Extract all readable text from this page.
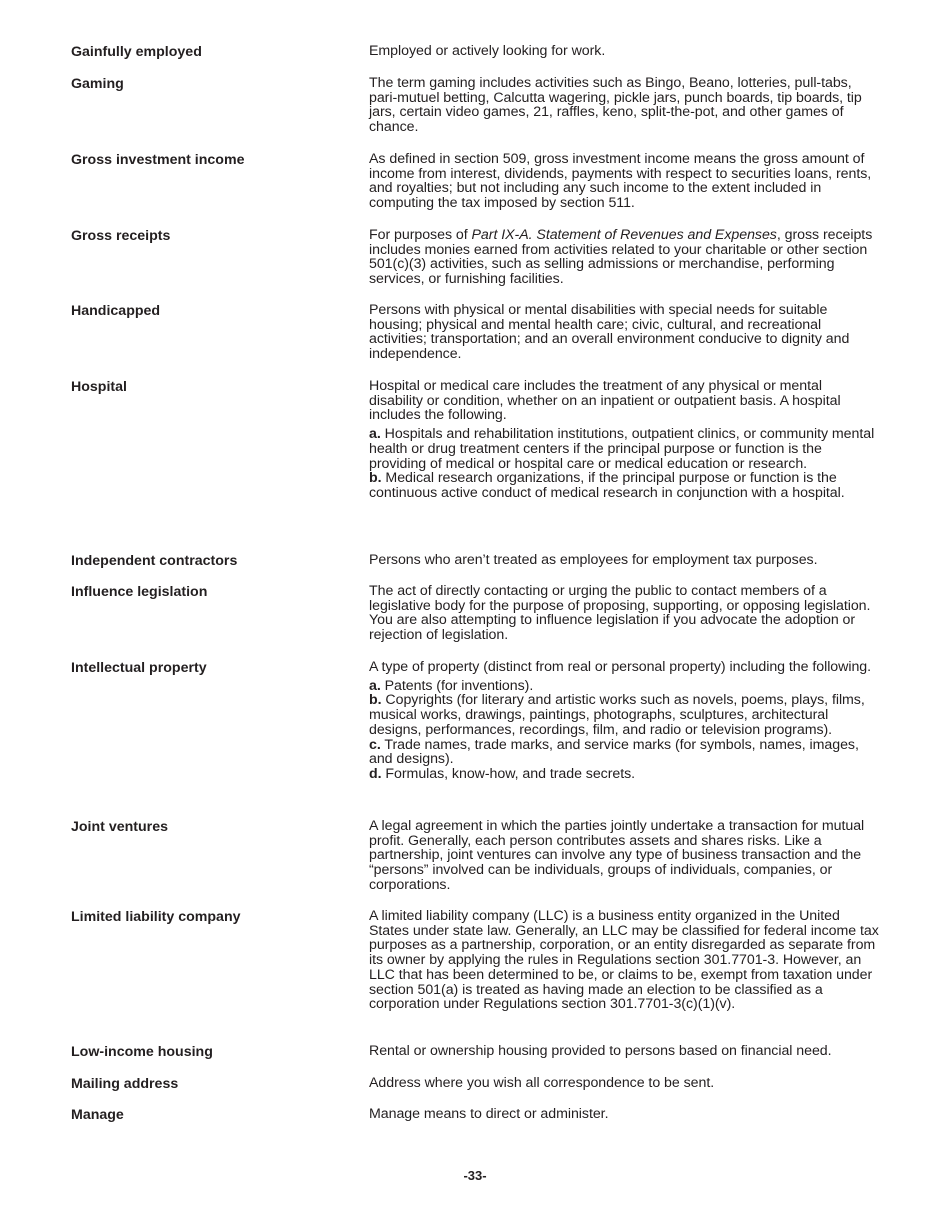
Gainfully employed	Employed or actively looking for work.
Gaming	The term gaming includes activities such as Bingo, Beano, lotteries, pull-tabs, pari-mutuel betting, Calcutta wagering, pickle jars, punch boards, tip boards, tip jars, certain video games, 21, raffles, keno, split-the-pot, and other games of chance.
Gross investment income	As defined in section 509, gross investment income means the gross amount of income from interest, dividends, payments with respect to securities loans, rents, and royalties; but not including any such income to the extent included in computing the tax imposed by section 511.
Gross receipts	For purposes of Part IX-A. Statement of Revenues and Expenses, gross receipts includes monies earned from activities related to your charitable or other section 501(c)(3) activities, such as selling admissions or merchandise, performing services, or furnishing facilities.
Handicapped	Persons with physical or mental disabilities with special needs for suitable housing; physical and mental health care; civic, cultural, and recreational activities; transportation; and an overall environment conducive to dignity and independence.
Hospital	Hospital or medical care includes the treatment of any physical or mental disability or condition, whether on an inpatient or outpatient basis. A hospital includes the following.

a. Hospitals and rehabilitation institutions, outpatient clinics, or community mental health or drug treatment centers if the principal purpose or function is the providing of medical or hospital care or medical education or research.

b. Medical research organizations, if the principal purpose or function is the continuous active conduct of medical research in conjunction with a hospital.

Independent contractors	Persons who aren’t treated as employees for employment tax purposes.
Influence legislation	The act of directly contacting or urging the public to contact members of a legislative body for the purpose of proposing, supporting, or opposing legislation. You are also attempting to influence legislation if you advocate the adoption or rejection of legislation.
Intellectual property	A type of property (distinct from real or personal property) including the following.

a. Patents (for inventions).

b. Copyrights (for literary and artistic works such as novels, poems, plays, films, musical works, drawings, paintings, photographs, sculptures, architectural designs, performances, recordings, film, and radio or television programs).

c. Trade names, trade marks, and service marks (for symbols, names, images, and designs).

d. Formulas, know-how, and trade secrets.

Joint ventures	A legal agreement in which the parties jointly undertake a transaction for mutual profit. Generally, each person contributes assets and shares risks. Like a partnership, joint ventures can involve any type of business transaction and the “persons” involved can be individuals, groups of individuals, companies, or corporations.
Limited liability company	A limited liability company (LLC) is a business entity organized in the United States under state law. Generally, an LLC may be classified for federal income tax purposes as a partnership, corporation, or an entity disregarded as separate from its owner by applying the rules in Regulations section 301.7701-3. However, an LLC that has been determined to be, or claims to be, exempt from taxation under section 501(a) is treated as having made an election to be classified as a corporation under Regulations section 301.7701-3(c)(1)(v).
Low-income housing	Rental or ownership housing provided to persons based on financial need.
Mailing address	Address where you wish all correspondence to be sent.
Manage	Manage means to direct or administer.
-33-
